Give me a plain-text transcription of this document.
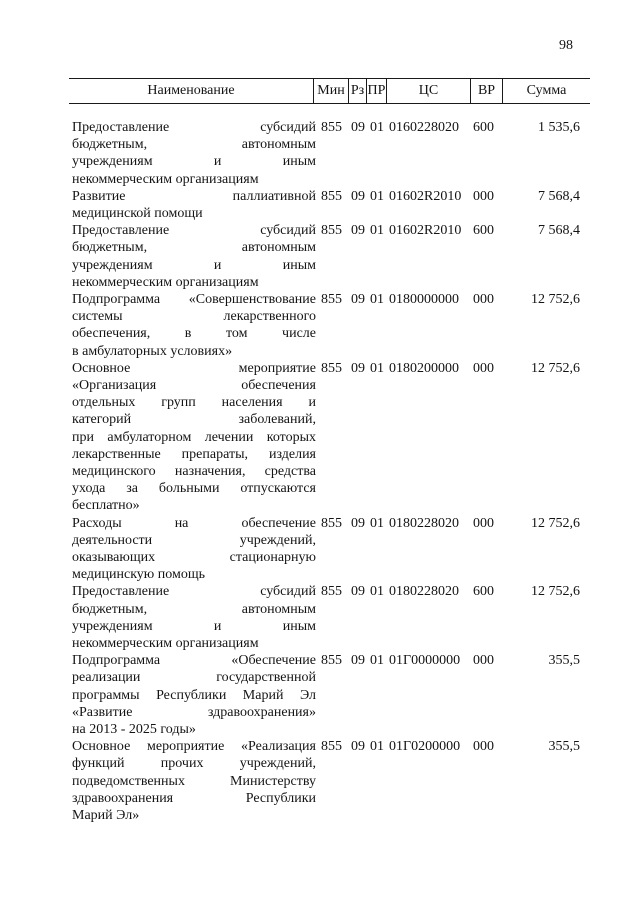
98
Наименование	Мин Рз ПР	ЦС	ВР	Сумма
Предоставление субсидий
бюджетным, автономным
учреждениям и иным
некоммерческим организациям
855 09 01 0160228020 600	1 535,6
Развитие паллиативной
медицинской помощи
855 09 01 01602R2010 000	7 568,4
Предоставление субсидий
бюджетным, автономным
учреждениям и иным
некоммерческим организациям
855 09 01 01602R2010 600	7 568,4
Подпрограмма «Совершенствование
системы лекарственного
обеспечения, в том числе
в амбулаторных условиях»
855 09 01 0180000000 000	12 752,6
Основное мероприятие
«Организация обеспечения
отдельных групп населения и
категорий заболеваний,
при амбулаторном лечении которых
лекарственные препараты, изделия
медицинского назначения, средства
ухода за больными отпускаются
бесплатно»
855 09 01 0180200000 000	12 752,6
Расходы на обеспечение
деятельности учреждений,
оказывающих стационарную
медицинскую помощь
855 09 01 0180228020 000	12 752,6
Предоставление субсидий
бюджетным, автономным
учреждениям и иным
некоммерческим организациям
855 09 01 0180228020 600	12 752,6
Подпрограмма «Обеспечение
реализации государственной
программы Республики Марий Эл
«Развитие здравоохранения»
на 2013 - 2025 годы»
855 09 01 01Г0000000 000	355,5
Основное мероприятие «Реализация
функций прочих учреждений,
подведомственных Министерству
здравоохранения Республики
Марий Эл»
855 09 01 01Г0200000 000	355,5
